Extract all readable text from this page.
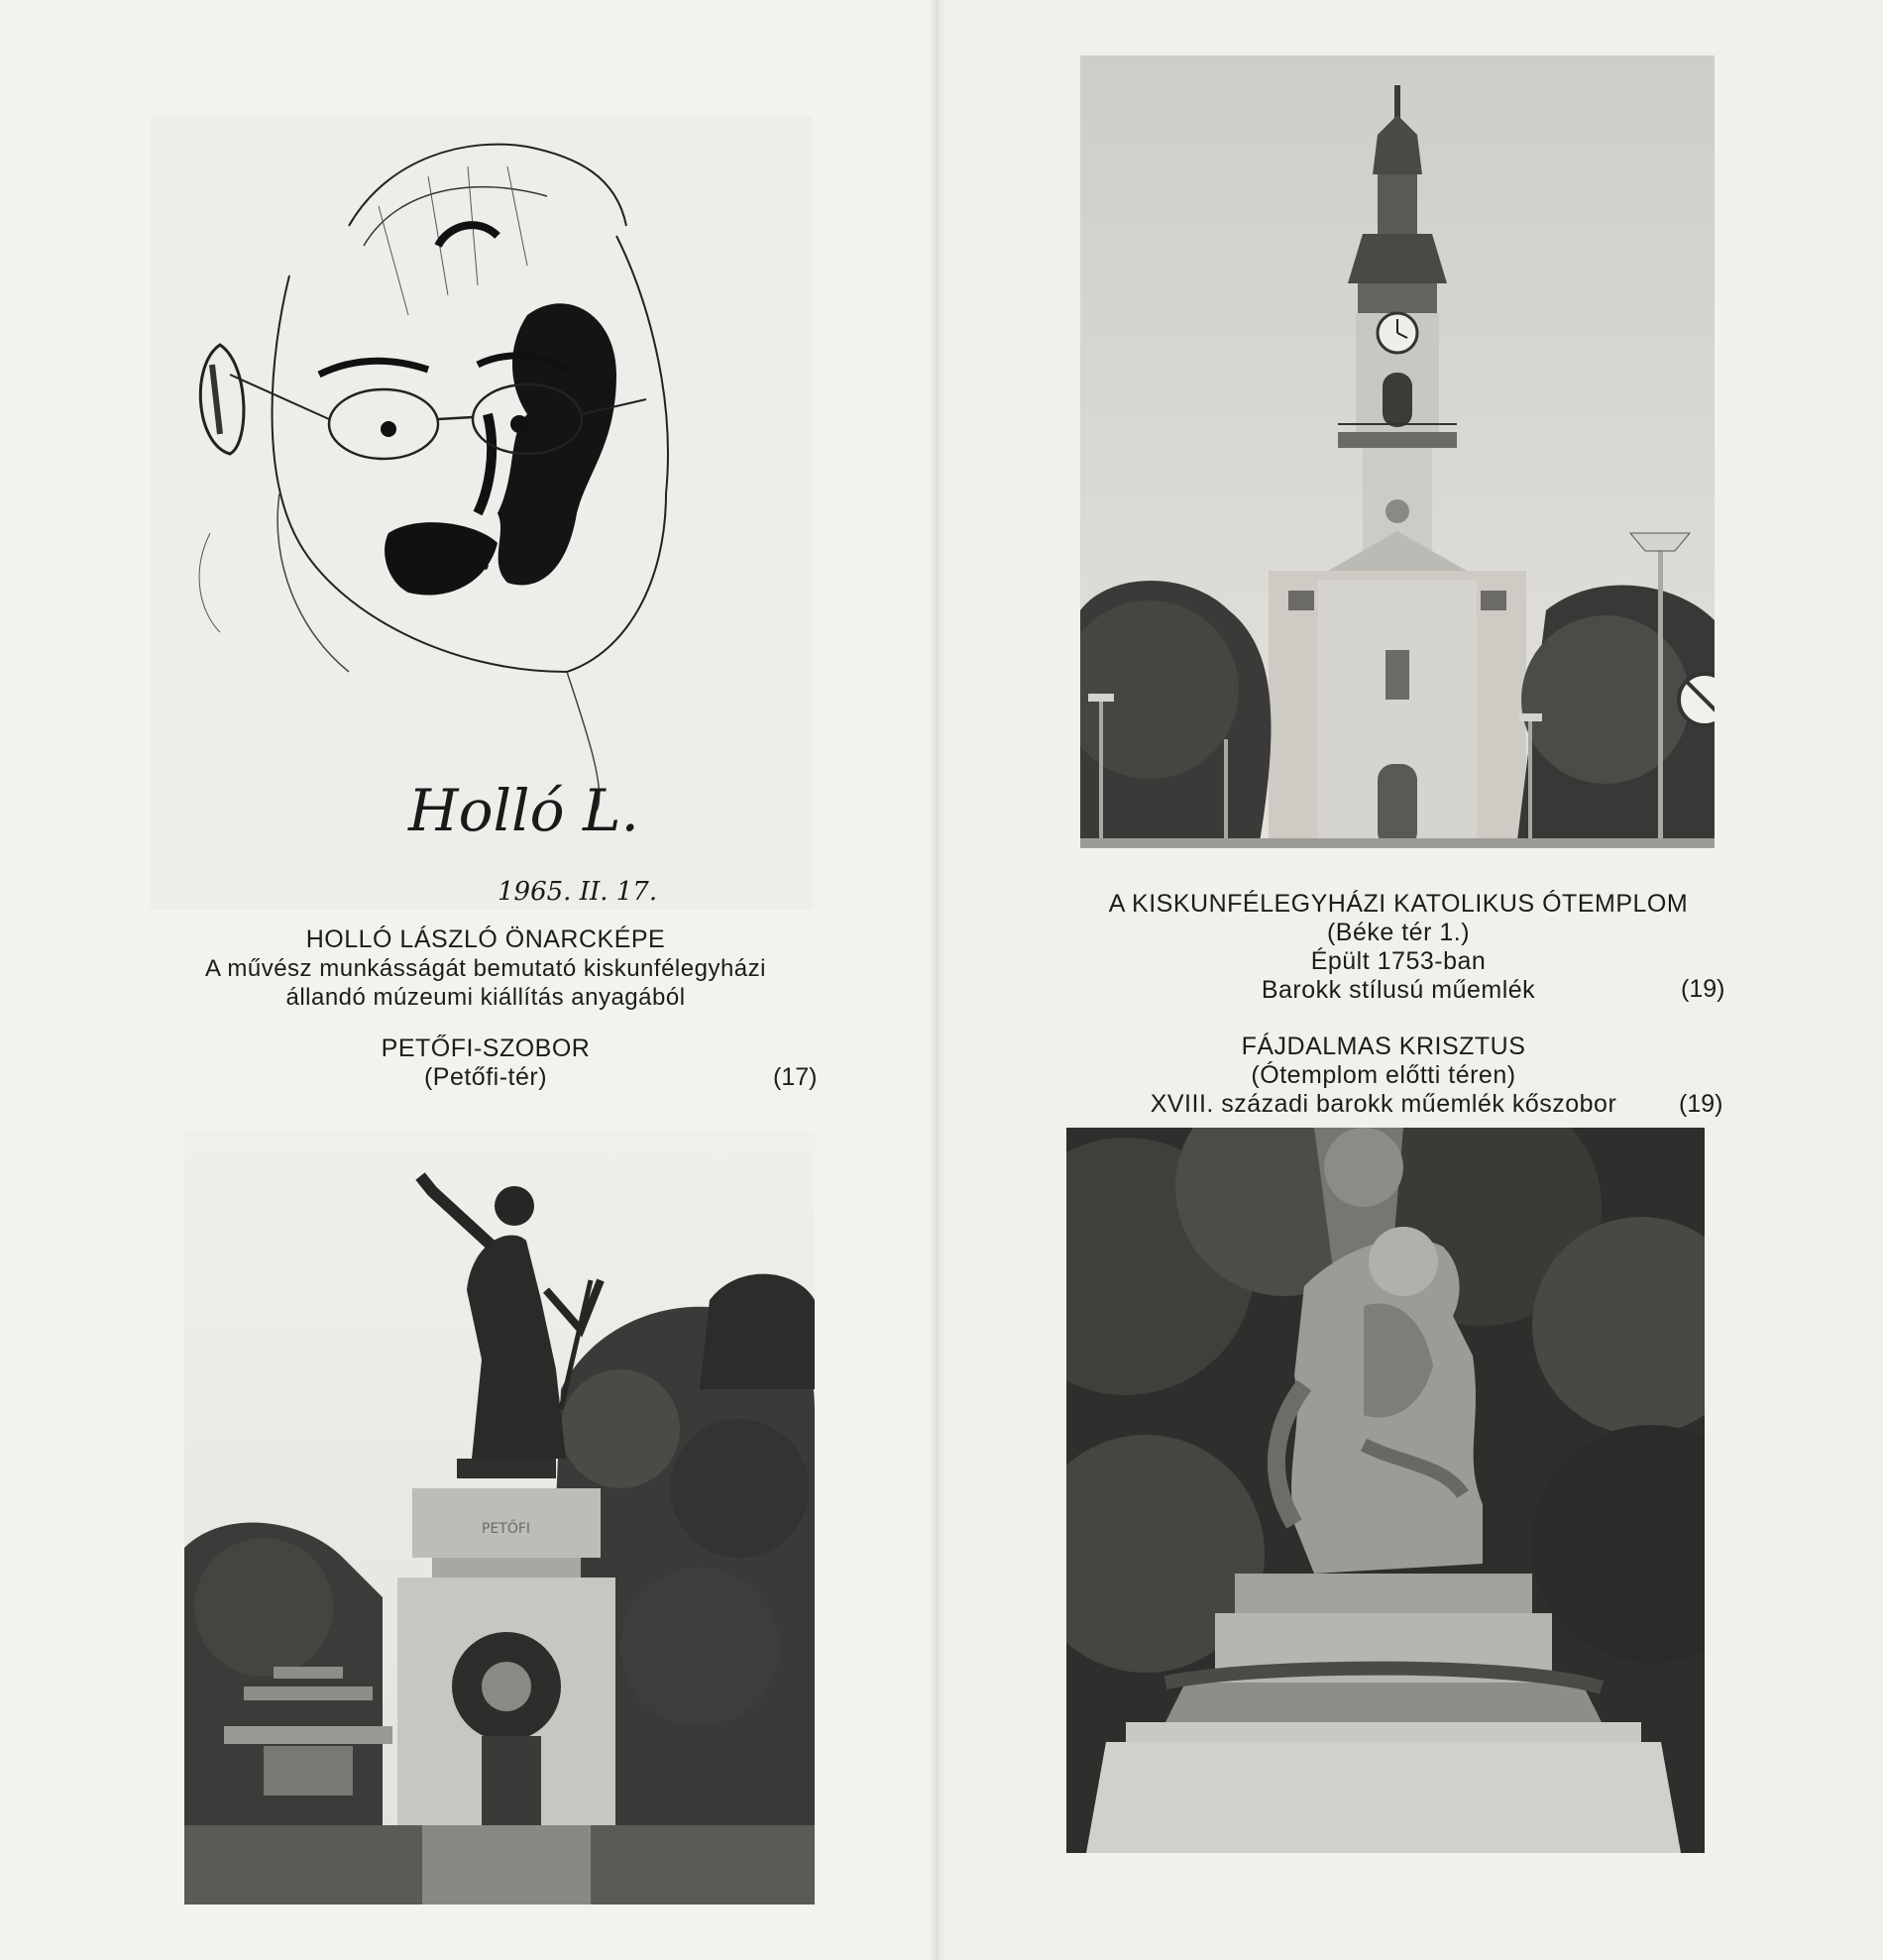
Holló L.
1965. II. 17.
HOLLÓ LÁSZLÓ ÖNARCKÉPE
A művész munkásságát bemutató kiskunfélegyházi
állandó múzeumi kiállítás anyagából
PETŐFI-SZOBOR
(Petőfi-tér)	(17)
PETŐFI
A KISKUNFÉLEGYHÁZI KATOLIKUS ÓTEMPLOM
(Béke tér 1.)
Épült 1753-ban
Barokk stílusú műemlék	(19)
FÁJDALMAS KRISZTUS
(Ótemplom előtti téren)
XVIII. századi barokk műemlék kőszobor	(19)
